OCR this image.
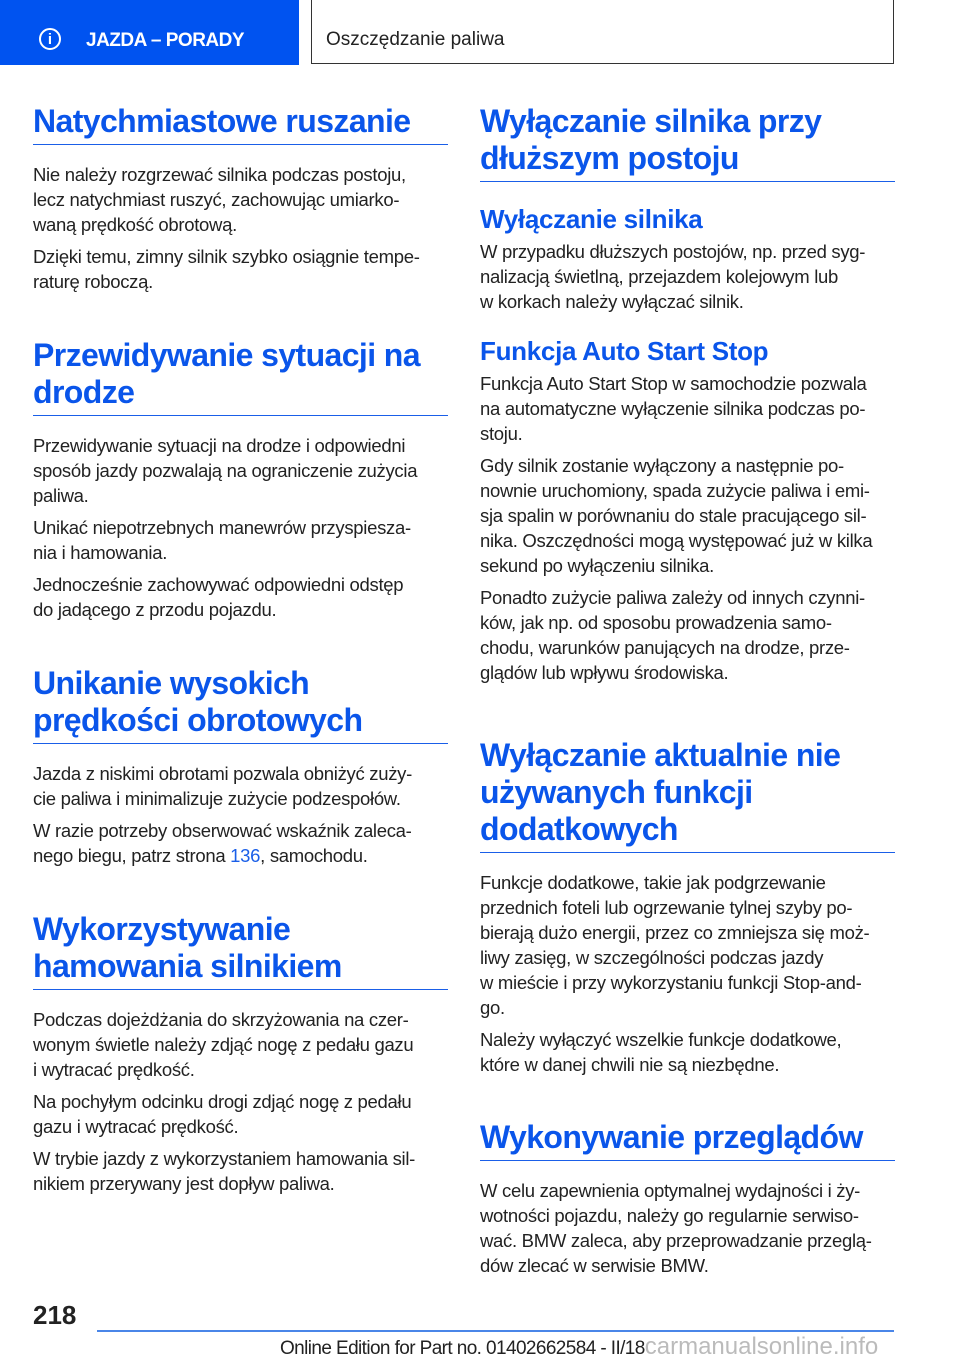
i	JAZDA – PORADY	Oszczędzanie paliwa
Natychmiastowe ruszanie
Nie należy rozgrzewać silnika podczas postoju,
lecz natychmiast ruszyć, zachowując umiarko-
waną prędkość obrotową.
Dzięki temu, zimny silnik szybko osiągnie tempe-
raturę roboczą.
Przewidywanie sytuacji na
drodze
Przewidywanie sytuacji na drodze i odpowiedni
sposób jazdy pozwalają na ograniczenie zużycia
paliwa.
Unikać niepotrzebnych manewrów przyspiesza-
nia i hamowania.
Jednocześnie zachowywać odpowiedni odstęp
do jadącego z przodu pojazdu.
Unikanie wysokich
prędkości obrotowych
Jazda z niskimi obrotami pozwala obniżyć zuży-
cie paliwa i minimalizuje zużycie podzespołów.
W razie potrzeby obserwować wskaźnik zaleca-
nego biegu, patrz strona 136, samochodu.
Wykorzystywanie
hamowania silnikiem
Podczas dojeżdżania do skrzyżowania na czer-
wonym świetle należy zdjąć nogę z pedału gazu
i wytracać prędkość.
Na pochyłym odcinku drogi zdjąć nogę z pedału
gazu i wytracać prędkość.
W trybie jazdy z wykorzystaniem hamowania sil-
nikiem przerywany jest dopływ paliwa.
Wyłączanie silnika przy
dłuższym postoju
Wyłączanie silnika
W przypadku dłuższych postojów, np. przed syg-
nalizacją świetlną, przejazdem kolejowym lub
w korkach należy wyłączać silnik.
Funkcja Auto Start Stop
Funkcja Auto Start Stop w samochodzie pozwala
na automatyczne wyłączenie silnika podczas po-
stoju.
Gdy silnik zostanie wyłączony a następnie po-
nownie uruchomiony, spada zużycie paliwa i emi-
sja spalin w porównaniu do stale pracującego sil-
nika. Oszczędności mogą występować już w kilka
sekund po wyłączeniu silnika.
Ponadto zużycie paliwa zależy od innych czynni-
ków, jak np. od sposobu prowadzenia samo-
chodu, warunków panujących na drodze, prze-
glądów lub wpływu środowiska.
Wyłączanie aktualnie nie
używanych funkcji
dodatkowych
Funkcje dodatkowe, takie jak podgrzewanie
przednich foteli lub ogrzewanie tylnej szyby po-
bierają dużo energii, przez co zmniejsza się moż-
liwy zasięg, w szczególności podczas jazdy
w mieście i przy wykorzystaniu funkcji Stop-and-
go.
Należy wyłączyć wszelkie funkcje dodatkowe,
które w danej chwili nie są niezbędne.
Wykonywanie przeglądów
W celu zapewnienia optymalnej wydajności i ży-
wotności pojazdu, należy go regularnie serwiso-
wać. BMW zaleca, aby przeprowadzanie przeglą-
dów zlecać w serwisie BMW.
218
Online Edition for Part no. 01402662584 - II/18carmanualsonline.info
